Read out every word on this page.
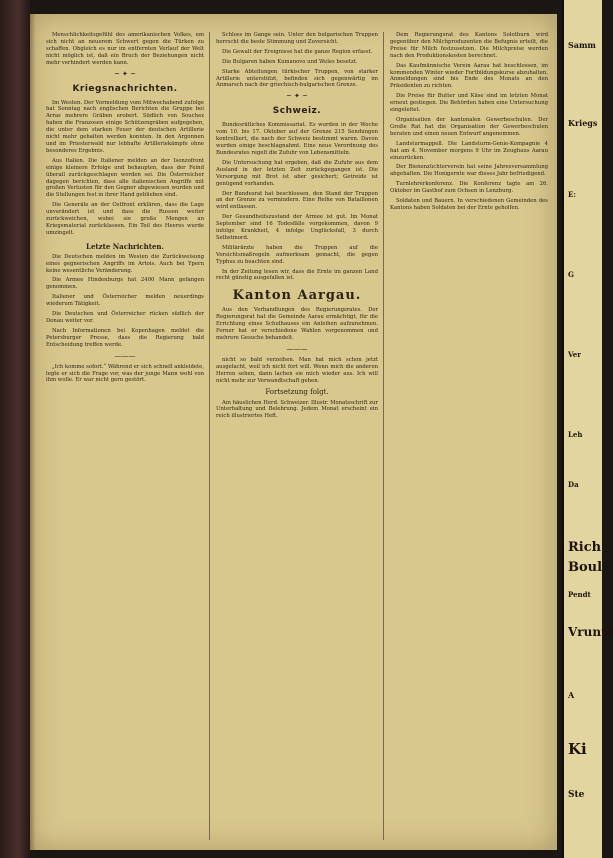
Menschlichkeitsgefühl des amerikanischen Volkes, um sich nicht an neuerem Schwert gegen die Türken zu schaffen. Obgleich es nur im entfernten Verlauf der Welt nicht möglich ist, daß ein Bruch der Beziehungen nicht mehr verhindert werden kann.

~ ✦ ~
Kriegsnachrichten.

Im Westen. Der Vormeldung vom Mitwochabend zufolge hat Sonntag nach englischen Berichten die Gruppe bei Arras mehrere Gräben erobert. Südlich von Souchez haben die Franzosen einige Schützengräben aufgegeben, die unter dem starken Feuer der deutschen Artillerie nicht mehr gehalten werden konnten. In den Argonnen und im Priesterwald nur lebhafte Artilleriekämpfe ohne besonderes Ergebnis.

Aus Italien. Die Italiener melden an der Isonzofront einige kleinere Erfolge und behaupten, dass der Feind überall zurückgeschlagen worden sei. Die Österreicher dagegen berichten, dass alle italienischen Angriffe mit großen Verlusten für den Gegner abgewiesen wurden und die Stellungen fest in ihrer Hand geblieben sind.

Die Generäle an der Ostfront erklären, dass die Lage unverändert ist und dass die Russen weiter zurückweichen, wobei sie große Mengen an Kriegsmaterial zurücklassen. Ein Teil des Heeres wurde umzingelt.

Letzte Nachrichten.

Die Deutschen melden im Westen die Zurückweisung eines gegnerischen Angriffs im Artois. Auch bei Ypern keine wesentliche Veränderung.

Die Armee Hindenburgs hat 2400 Mann gefangen genommen.

Italiener und Österreicher melden neuerdings wiederum Tätigkeit.

Die Deutschen und Österreicher rücken südlich der Donau weiter vor.

Nach Informationen bei Kopenhagen meldet die Petersburger Presse, dass die Regierung bald Entscheidung treffen werde.

———

„Ich komme sofort.“ Während er sich schnell ankleidete, legte er sich die Frage vor, was der junge Mann wohl von ihm wolle. Er war nicht gern gestört.

Schloss im Gange sein. Unter den bulgarischen Truppen herrscht die beste Stimmung und Zuversicht.

Die Gewalt der Ereignisse hat die ganze Region erfasst.

Die Bulgaren haben Kumanovo und Weles besetzt.

Starke Abteilungen türkischer Truppen, von starker Artillerie unterstützt, befinden sich gegenwärtig im Anmarsch nach der griechisch-bulgarischen Grenze.

~ ✦ ~
Schweiz.

Bundesrätliches Kommissariat. Es wurden in der Woche vom 10. bis 17. Oktober auf der Grenze 215 Sendungen kontrolliert, die nach der Schweiz bestimmt waren. Davon wurden einige beschlagnahmt. Eine neue Verordnung des Bundesrates regelt die Zufuhr von Lebensmitteln.

Die Untersuchung hat ergeben, daß die Zufuhr aus dem Ausland in der letzten Zeit zurückgegangen ist. Die Versorgung mit Brot ist aber gesichert; Getreide ist genügend vorhanden.

Der Bundesrat hat beschlossen, den Stand der Truppen an der Grenze zu vermindern. Eine Reihe von Bataillonen wird entlassen.

Der Gesundheitszustand der Armee ist gut. Im Monat September sind 16 Todesfälle vorgekommen, davon 9 infolge Krankheit, 4 infolge Unglücksfall, 3 durch Selbstmord.

Militärärzte haben die Truppen auf die Vorsichtsmaßregeln aufmerksam gemacht, die gegen Typhus zu beachten sind.

In der Zeitung lesen wir, dass die Ernte im ganzen Land recht günstig ausgefallen ist.

Kanton Aargau.

Aus den Verhandlungen des Regierungsrates. Der Regierungsrat hat die Gemeinde Aarau ermächtigt, für die Errichtung eines Schulhauses ein Anleihen aufzunehmen. Ferner hat er verschiedene Wahlen vorgenommen und mehrere Gesuche behandelt.

———

nicht so bald verzeihen. Man hat mich schon jetzt ausgelacht, weil ich nicht fort will. Wenn mich die anderen Herren sehen, dann lachen sie mich wieder aus. Ich will nicht mehr zur Verwandtschaft gehen.

Fortsetzung folgt.

Am häuslichen Herd. Schweizer. Illustr. Monatsschrift zur Unterhaltung und Belehrung. Jedem Monat erscheint ein reich illustriertes Heft.

Dem Regierungsrat des Kantons Solothurn wird gegenüber den Milchproduzenten die Befugnis erteilt, die Preise für Milch festzusetzen. Die Milchpreise werden nach den Produktionskosten berechnet.

Das Kaufmännische Verein Aarau hat beschlossen, im kommenden Winter wieder Fortbildungskurse abzuhalten. Anmeldungen sind bis Ende des Monats an den Präsidenten zu richten.

Die Preise für Butter und Käse sind im letzten Monat erneut gestiegen. Die Behörden haben eine Untersuchung eingeleitet.

Organisation der kantonalen Gewerbeschulen. Der Große Rat hat die Organisation der Gewerbeschulen beraten und einen neuen Entwurf angenommen.

Landsturmappell. Die Landsturm-Genie-Kompagnie 4 hat am 4. November morgens 9 Uhr im Zeughaus Aarau einzurücken.

Der Bienenzüchterverein hat seine Jahresversammlung abgehalten. Die Honigernte war dieses Jahr befriedigend.

Turnlehrerkonferenz. Die Konferenz tagte am 26. Oktober im Gasthof zum Ochsen in Lenzburg.

Soldaten und Bauern. In verschiedenen Gemeinden des Kantons haben Soldaten bei der Ernte geholfen.

Samm
Kriegs
E:
G
Ver
Leh
Da
Rich
Boul
Pendt
Vrunts
A
Ki
Ste
